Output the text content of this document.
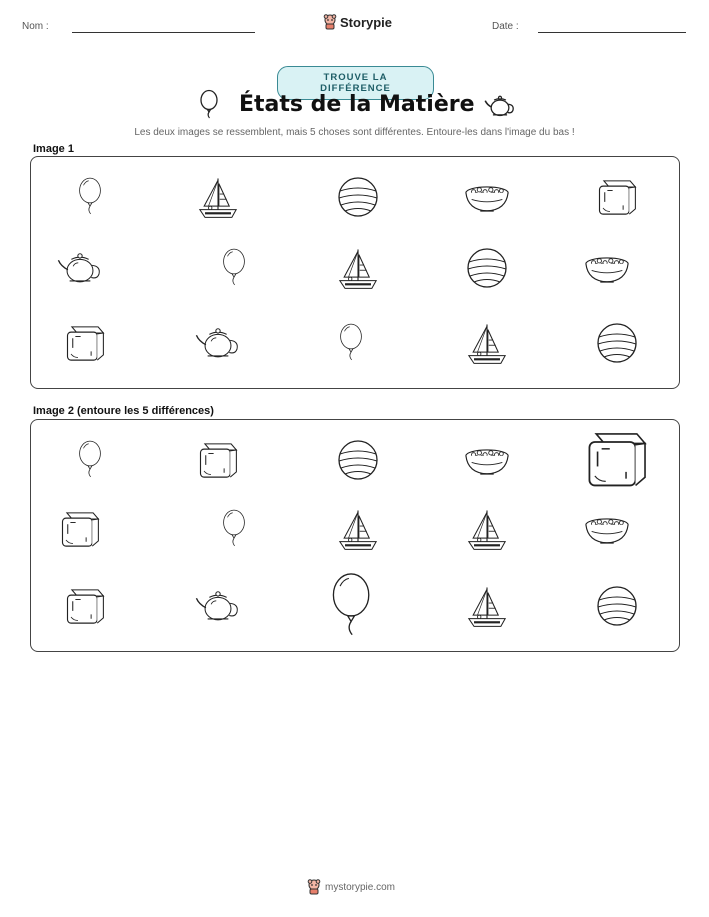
Nom :	Storypie	Date :
TROUVE LA DIFFÉRENCE
États de la Matière
Les deux images se ressemblent, mais 5 choses sont différentes. Entoure-les dans l'image du bas !
Image 1
Image 2 (entoure les 5 différences)
mystorypie.com
